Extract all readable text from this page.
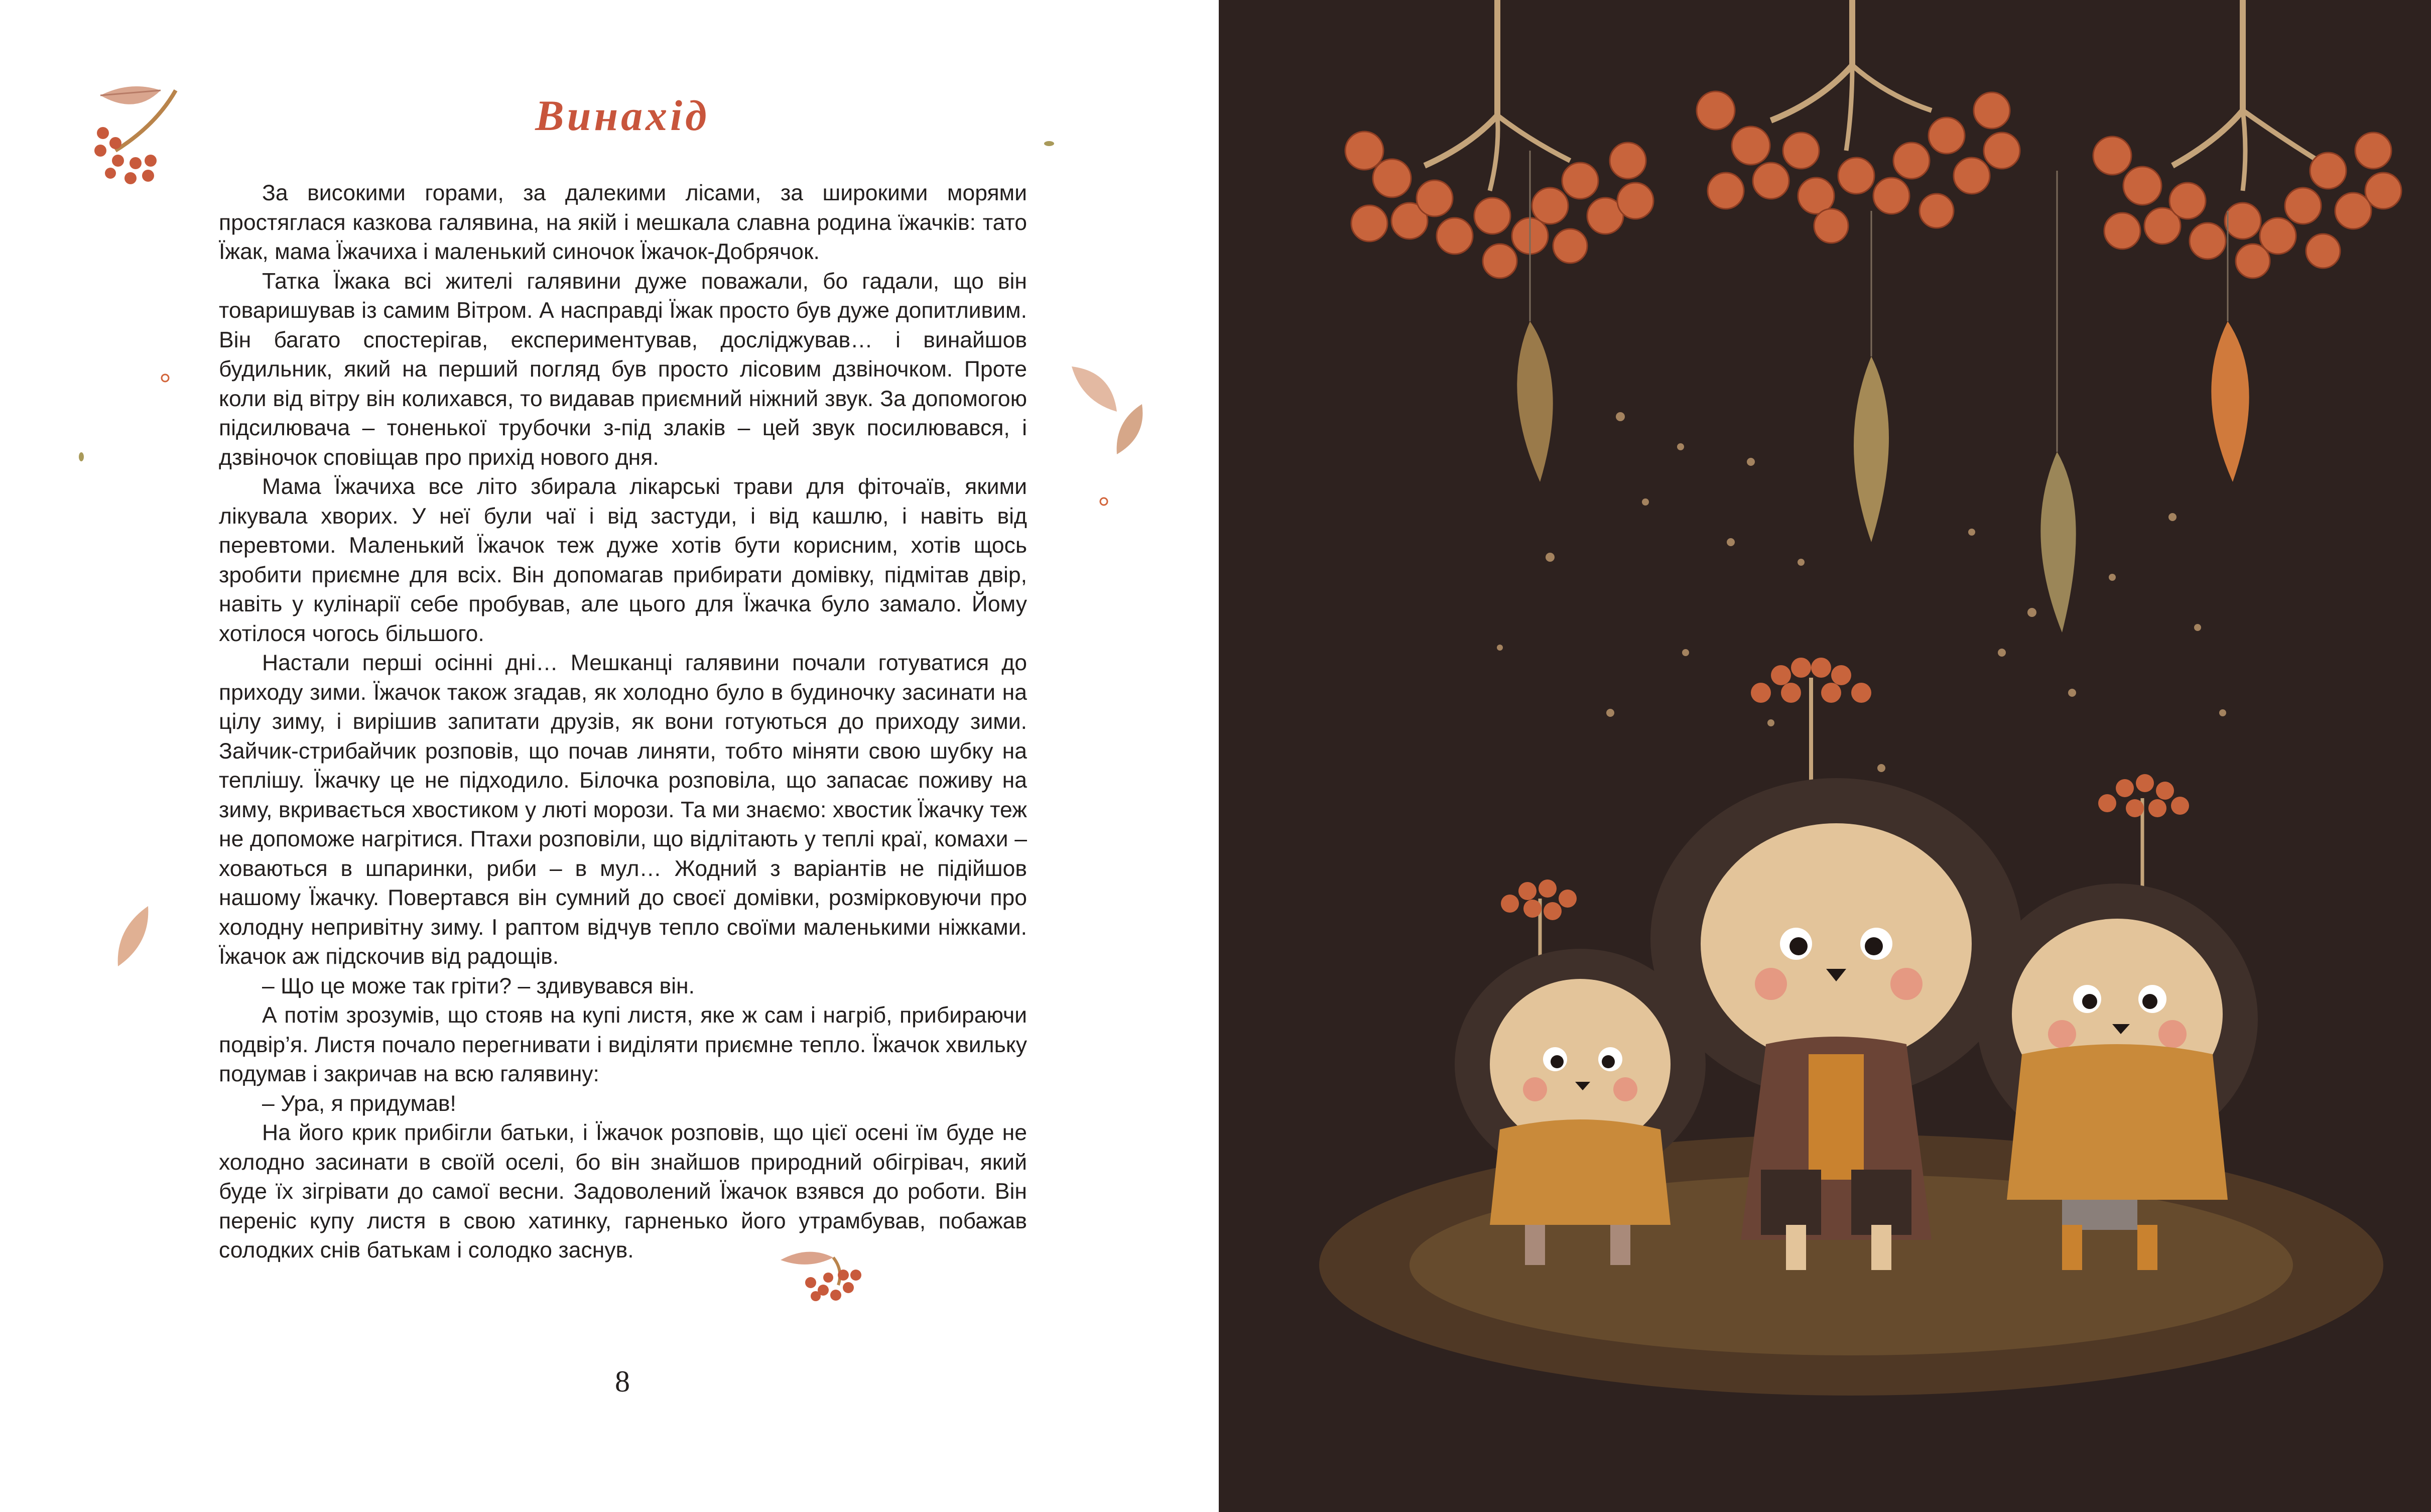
Винахід

За високими горами, за далекими лісами, за широкими морями простяглася казкова галявина, на якій і мешкала славна родина їжачків: тато Їжак, мама Їжачиха і маленький синочок Їжачок-Добрячок.

Татка Їжака всі жителі галявини дуже поважали, бо гадали, що він товаришував із самим Вітром. А насправді Їжак просто був дуже допитливим. Він багато спостерігав, експериментував, досліджував… і винайшов будильник, який на перший погляд був просто лісовим дзвіночком. Проте коли від вітру він колихався, то видавав приємний ніжний звук. За допомогою підсилювача – тоненької трубочки з-під злаків – цей звук посилювався, і дзвіночок сповіщав про прихід нового дня.

Мама Їжачиха все літо збирала лікарські трави для фіточаїв, якими лікувала хворих. У неї були чаї і від застуди, і від кашлю, і навіть від перевтоми. Маленький Їжачок теж дуже хотів бути корисним, хотів щось зробити приємне для всіх. Він допомагав прибирати домівку, підмітав двір, навіть у кулінарії себе пробував, але цього для Їжачка було замало. Йому хотілося чогось більшого.

Настали перші осінні дні… Мешканці галявини почали готуватися до приходу зими. Їжачок також згадав, як холодно було в будиночку засинати на цілу зиму, і вирішив запитати друзів, як вони готуються до приходу зими. Зайчик-стрибайчик розповів, що почав линяти, тобто міняти свою шубку на теплішу. Їжачку це не підходило. Білочка розповіла, що запасає поживу на зиму, вкривається хвостиком у люті морози. Та ми знаємо: хвостик Їжачку теж не допоможе нагрітися. Птахи розповіли, що відлітають у теплі краї, комахи – ховаються в шпаринки, риби – в мул… Жодний з варіантів не підійшов нашому Їжачку. Повертався він сумний до своєї домівки, розмірковуючи про холодну непривітну зиму. І раптом відчув тепло своїми маленькими ніжками. Їжачок аж підскочив від радощів.

– Що це може так гріти? – здивувався він.

А потім зрозумів, що стояв на купі листя, яке ж сам і нагріб, прибираючи подвір’я. Листя почало перегнивати і виділяти приємне тепло. Їжачок хвильку подумав і закричав на всю галявину:

– Ура, я придумав!

На його крик прибігли батьки, і Їжачок розповів, що цієї осені їм буде не холодно засинати в своїй оселі, бо він знайшов природний обігрівач, який буде їх зігрівати до самої весни. Задоволений Їжачок взявся до роботи. Він переніс купу листя в свою хатинку, гарненько його утрамбував, побажав солодких снів батькам і солодко заснув.

8
